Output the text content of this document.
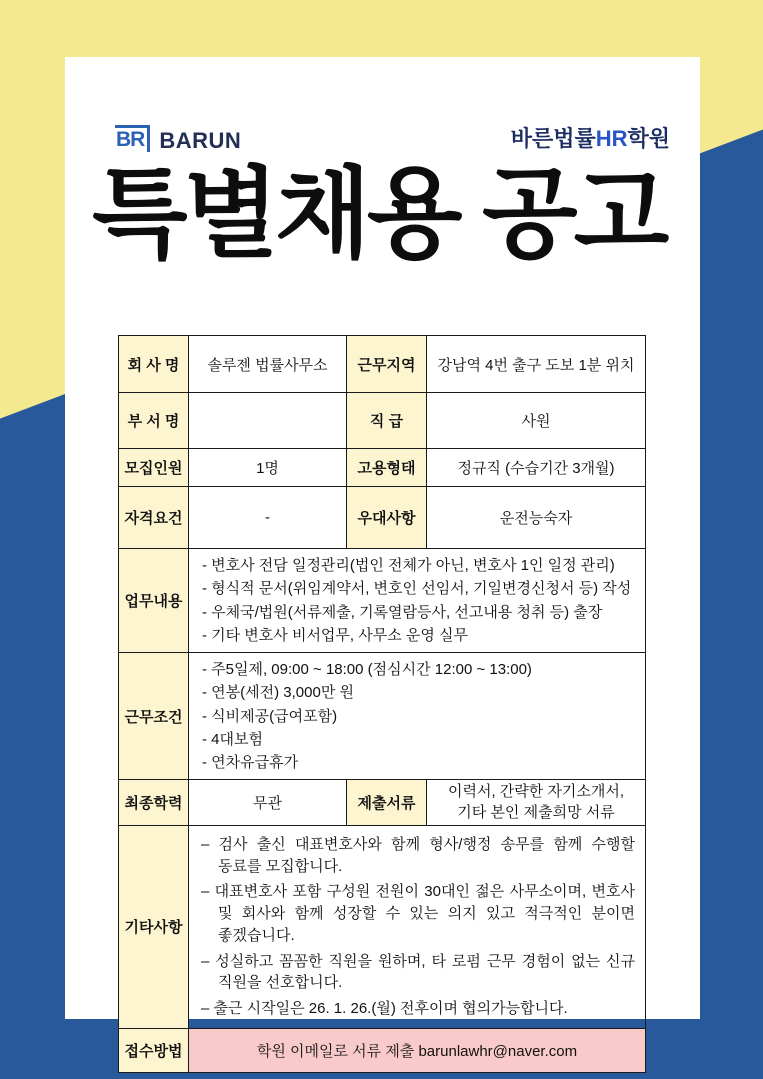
BR BARUN	바른법률HR학원
특별채용 공고
회 사 명	솔루젠 법률사무소	근무지역	강남역 4번 출구 도보 1분 위치
부 서 명		직 급	사원
모집인원	1명	고용형태	정규직 (수습기간 3개월)
자격요건	-	우대사항	운전능숙자
업무내용	- 변호사 전담 일정관리(법인 전체가 아닌, 변호사 1인 일정 관리)
- 형식적 문서(위임계약서, 변호인 선임서, 기일변경신청서 등) 작성
- 우체국/법원(서류제출, 기록열람등사, 선고내용 청취 등) 출장
- 기타 변호사 비서업무, 사무소 운영 실무		

근무조건	- 주5일제, 09:00 ~ 18:00 (점심시간 12:00 ~ 13:00)
- 연봉(세전) 3,000만 원
- 식비제공(급여포함)
- 4대보험
- 연차유급휴가		

최종학력	무관	제출서류	이력서, 간략한 자기소개서,
기타 본인 제출희망 서류

기타사항	– 검사 출신 대표변호사와 함께 형사/행정 송무를 함께 수행할 동료를 모집합니다.
– 대표변호사 포함 구성원 전원이 30대인 젊은 사무소이며, 변호사 및 회사와 함께 성장할 수 있는 의지 있고 적극적인 분이면 좋겠습니다.
– 성실하고 꼼꼼한 직원을 원하며, 타 로펌 근무 경험이 없는 신규 직원을 선호합니다.
– 출근 시작일은 26. 1. 26.(월) 전후이며 협의가능합니다.		

접수방법	학원 이메일로 서류 제출 barunlawhr@naver.com		
